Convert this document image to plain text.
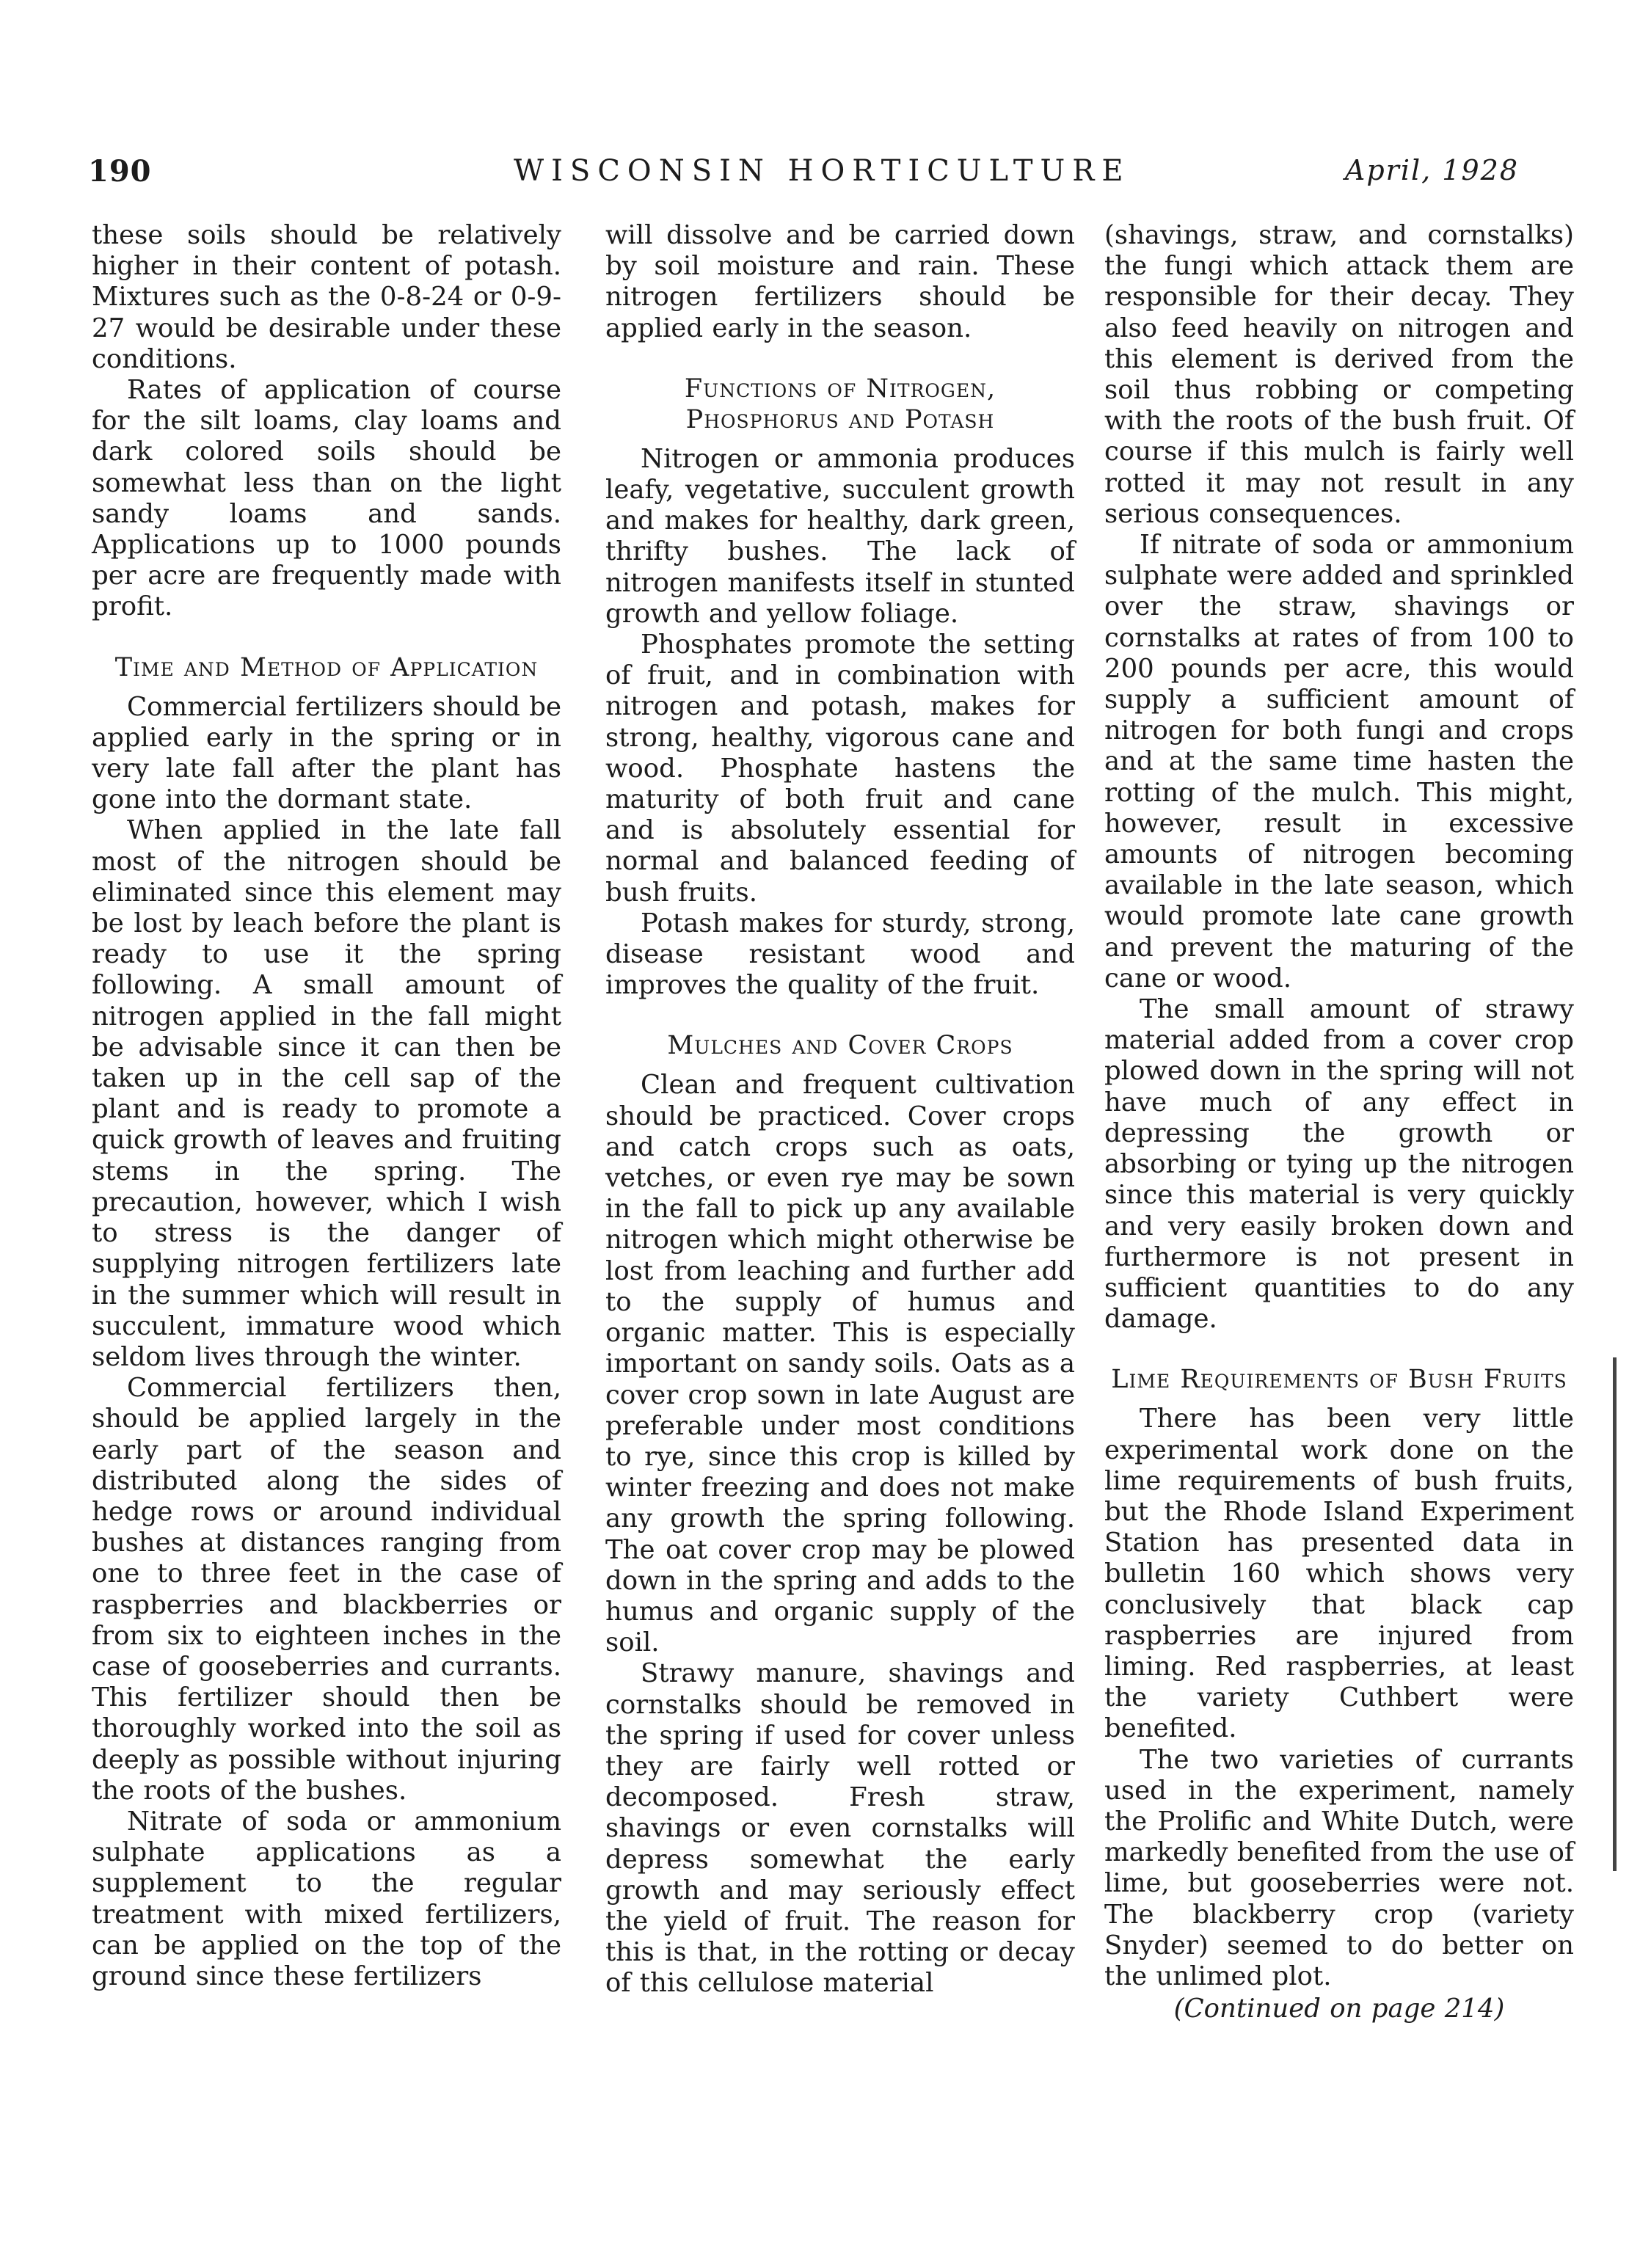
190	WISCONSIN HORTICULTURE	April, 1928

these soils should be relatively higher in their content of potash. Mixtures such as the 0-8-24 or 0-9-27 would be desirable under these conditions.

Rates of application of course for the silt loams, clay loams and dark colored soils should be somewhat less than on the light sandy loams and sands. Applications up to 1000 pounds per acre are frequently made with profit.

Time and Method of Application

Commercial fertilizers should be applied early in the spring or in very late fall after the plant has gone into the dormant state.

When applied in the late fall most of the nitrogen should be eliminated since this element may be lost by leach before the plant is ready to use it the spring following. A small amount of nitrogen applied in the fall might be advisable since it can then be taken up in the cell sap of the plant and is ready to promote a quick growth of leaves and fruiting stems in the spring. The precaution, however, which I wish to stress is the danger of supplying nitrogen fertilizers late in the summer which will result in succulent, immature wood which seldom lives through the winter.

Commercial fertilizers then, should be applied largely in the early part of the season and distributed along the sides of hedge rows or around individual bushes at distances ranging from one to three feet in the case of raspberries and blackberries or from six to eighteen inches in the case of gooseberries and currants. This fertilizer should then be thoroughly worked into the soil as deeply as possible without injuring the roots of the bushes.

Nitrate of soda or ammonium sulphate applications as a supplement to the regular treatment with mixed fertilizers, can be applied on the top of the ground since these fertilizers

will dissolve and be carried down by soil moisture and rain. These nitrogen fertilizers should be applied early in the season.

Functions of Nitrogen, Phosphorus and Potash

Nitrogen or ammonia produces leafy, vegetative, succulent growth and makes for healthy, dark green, thrifty bushes. The lack of nitrogen manifests itself in stunted growth and yellow foliage.

Phosphates promote the setting of fruit, and in combination with nitrogen and potash, makes for strong, healthy, vigorous cane and wood. Phosphate hastens the maturity of both fruit and cane and is absolutely essential for normal and balanced feeding of bush fruits.

Potash makes for sturdy, strong, disease resistant wood and improves the quality of the fruit.

Mulches and Cover Crops

Clean and frequent cultivation should be practiced. Cover crops and catch crops such as oats, vetches, or even rye may be sown in the fall to pick up any available nitrogen which might otherwise be lost from leaching and further add to the supply of humus and organic matter. This is especially important on sandy soils. Oats as a cover crop sown in late August are preferable under most conditions to rye, since this crop is killed by winter freezing and does not make any growth the spring following. The oat cover crop may be plowed down in the spring and adds to the humus and organic supply of the soil.

Strawy manure, shavings and cornstalks should be removed in the spring if used for cover unless they are fairly well rotted or decomposed. Fresh straw, shavings or even cornstalks will depress somewhat the early growth and may seriously effect the yield of fruit. The reason for this is that, in the rotting or decay of this cellulose material

(shavings, straw, and cornstalks) the fungi which attack them are responsible for their decay. They also feed heavily on nitrogen and this element is derived from the soil thus robbing or competing with the roots of the bush fruit. Of course if this mulch is fairly well rotted it may not result in any serious consequences.

If nitrate of soda or ammonium sulphate were added and sprinkled over the straw, shavings or cornstalks at rates of from 100 to 200 pounds per acre, this would supply a sufficient amount of nitrogen for both fungi and crops and at the same time hasten the rotting of the mulch. This might, however, result in excessive amounts of nitrogen becoming available in the late season, which would promote late cane growth and prevent the maturing of the cane or wood.

The small amount of strawy material added from a cover crop plowed down in the spring will not have much of any effect in depressing the growth or absorbing or tying up the nitrogen since this material is very quickly and very easily broken down and furthermore is not present in sufficient quantities to do any damage.

Lime Requirements of Bush Fruits

There has been very little experimental work done on the lime requirements of bush fruits, but the Rhode Island Experiment Station has presented data in bulletin 160 which shows very conclusively that black cap raspberries are injured from liming. Red raspberries, at least the variety Cuthbert were benefited.

The two varieties of currants used in the experiment, namely the Prolific and White Dutch, were markedly benefited from the use of lime, but gooseberries were not. The blackberry crop (variety Snyder) seemed to do better on the unlimed plot.

(Continued on page 214)
